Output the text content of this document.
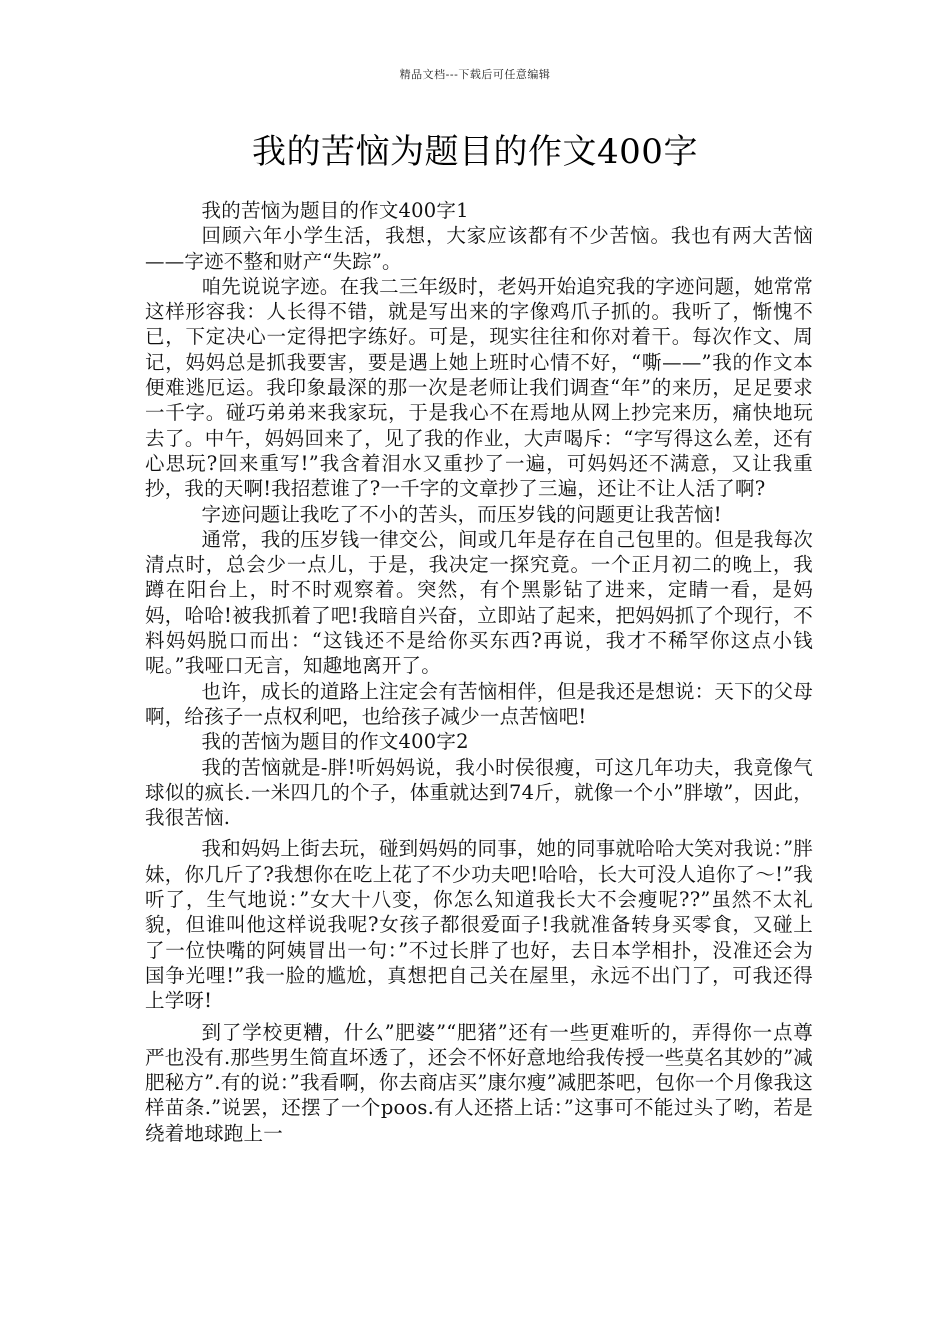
精品文档---下载后可任意编辑
我的苦恼为题目的作文400字

我的苦恼为题目的作文400字1

回顾六年小学生活，我想，大家应该都有不少苦恼。我也有两大苦恼——字迹不整和财产“失踪”。

咱先说说字迹。在我二三年级时，老妈开始追究我的字迹问题，她常常这样形容我：人长得不错，就是写出来的字像鸡爪子抓的。我听了，惭愧不已，下定决心一定得把字练好。可是，现实往往和你对着干。每次作文、周记，妈妈总是抓我要害，要是遇上她上班时心情不好，“嘶——”我的作文本便难逃厄运。我印象最深的那一次是老师让我们调查“年”的来历，足足要求一千字。碰巧弟弟来我家玩，于是我心不在焉地从网上抄完来历，痛快地玩去了。中午，妈妈回来了，见了我的作业，大声喝斥：“字写得这么差，还有心思玩?回来重写!”我含着泪水又重抄了一遍，可妈妈还不满意，又让我重抄，我的天啊!我招惹谁了?一千字的文章抄了三遍，还让不让人活了啊?

字迹问题让我吃了不小的苦头，而压岁钱的问题更让我苦恼!

通常，我的压岁钱一律交公，间或几年是存在自己包里的。但是我每次清点时，总会少一点儿，于是，我决定一探究竟。一个正月初二的晚上，我蹲在阳台上，时不时观察着。突然，有个黑影钻了进来，定睛一看，是妈妈，哈哈!被我抓着了吧!我暗自兴奋，立即站了起来，把妈妈抓了个现行，不料妈妈脱口而出：“这钱还不是给你买东西?再说，我才不稀罕你这点小钱呢。”我哑口无言，知趣地离开了。

也许，成长的道路上注定会有苦恼相伴，但是我还是想说：天下的父母啊，给孩子一点权利吧，也给孩子减少一点苦恼吧!

我的苦恼为题目的作文400字2

我的苦恼就是-胖!听妈妈说，我小时侯很瘦，可这几年功夫，我竟像气球似的疯长.一米四几的个子，体重就达到74斤，就像一个小”胖墩”，因此，我很苦恼.

我和妈妈上街去玩，碰到妈妈的同事，她的同事就哈哈大笑对我说：”胖妹，你几斤了?我想你在吃上花了不少功夫吧!哈哈，长大可没人追你了～!”我听了，生气地说：”女大十八变，你怎么知道我长大不会瘦呢??”虽然不太礼貌，但谁叫他这样说我呢?女孩子都很爱面子!我就准备转身买零食，又碰上了一位快嘴的阿姨冒出一句：”不过长胖了也好，去日本学相扑，没准还会为国争光哩!”我一脸的尴尬，真想把自己关在屋里，永远不出门了，可我还得上学呀!

到了学校更糟，什么”肥婆”“肥猪”还有一些更难听的，弄得你一点尊严也没有.那些男生简直坏透了，还会不怀好意地给我传授一些莫名其妙的”减肥秘方”.有的说：”我看啊，你去商店买”康尔瘦”减肥茶吧，包你一个月像我这样苗条.”说罢，还摆了一个poos.有人还搭上话：”这事可不能过头了哟，若是绕着地球跑上一
